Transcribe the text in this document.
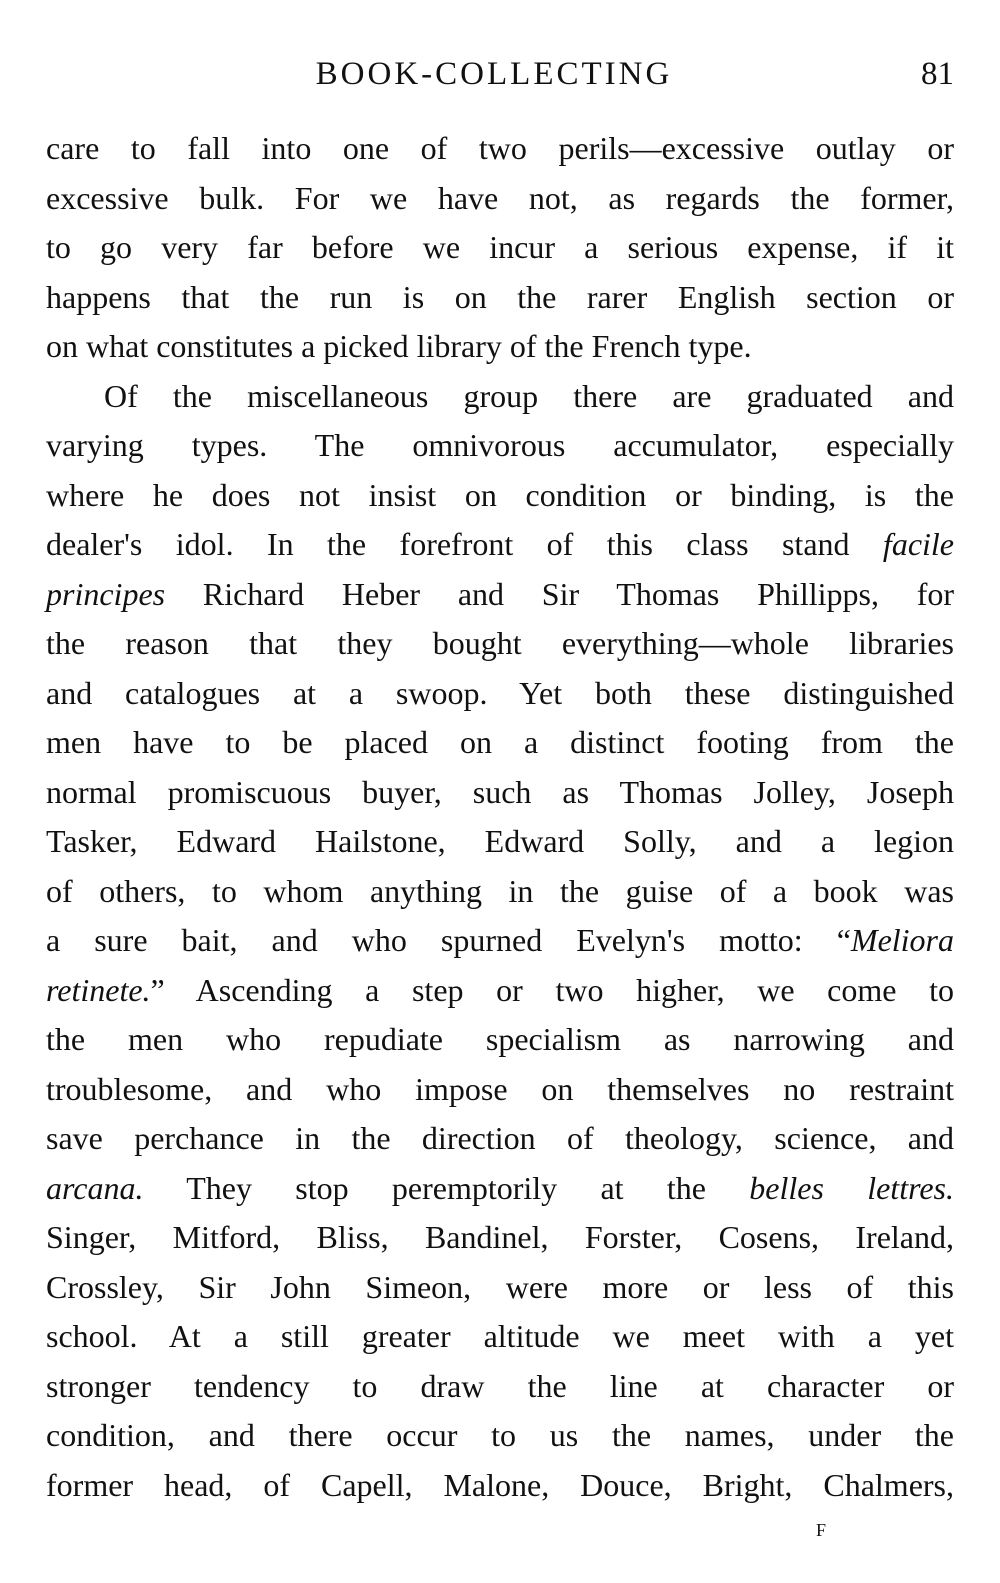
BOOK-COLLECTING	81
care to fall into one of two perils—excessive outlay or
excessive bulk. For we have not, as regards the former,
to go very far before we incur a serious expense, if it
happens that the run is on the rarer English section or
on what constitutes a picked library of the French type.
Of the miscellaneous group there are graduated and
varying types. The omnivorous accumulator, especially
where he does not insist on condition or binding, is the
dealer's idol. In the forefront of this class stand facile
principes Richard Heber and Sir Thomas Phillipps, for
the reason that they bought everything—whole libraries
and catalogues at a swoop. Yet both these distinguished
men have to be placed on a distinct footing from the
normal promiscuous buyer, such as Thomas Jolley, Joseph
Tasker, Edward Hailstone, Edward Solly, and a legion
of others, to whom anything in the guise of a book was
a sure bait, and who spurned Evelyn's motto: “Meliora
retinete.” Ascending a step or two higher, we come to
the men who repudiate specialism as narrowing and
troublesome, and who impose on themselves no restraint
save perchance in the direction of theology, science, and
arcana. They stop peremptorily at the belles lettres.
Singer, Mitford, Bliss, Bandinel, Forster, Cosens, Ireland,
Crossley, Sir John Simeon, were more or less of this
school. At a still greater altitude we meet with a yet
stronger tendency to draw the line at character or
condition, and there occur to us the names, under the
former head, of Capell, Malone, Douce, Bright, Chalmers,
F
